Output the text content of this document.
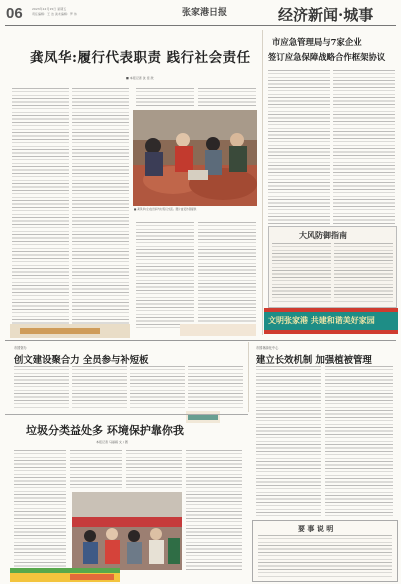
06	2023年12月15日 星期五
责任编辑：王 洁 美术编辑：罗 伟	张家港日报	经济新闻·城事
龚凤华:履行代表职责 践行社会责任
■ 本报记者 沈 佳 欣
■ 龚凤华(左)在田间与村民们交流。图片由受访者提供
市应急管理局与7家企业
签订应急保障战略合作框架协议
大风防御指南
文明张家港 共建和谐美好家园
市国资办
创文建设聚合力 全员参与补短板
市园林绿化中心
建立长效机制 加强植被管理
垃圾分类益处多 环境保护靠你我
本报记者 马丽娟 文 / 图
要 事 说 明
